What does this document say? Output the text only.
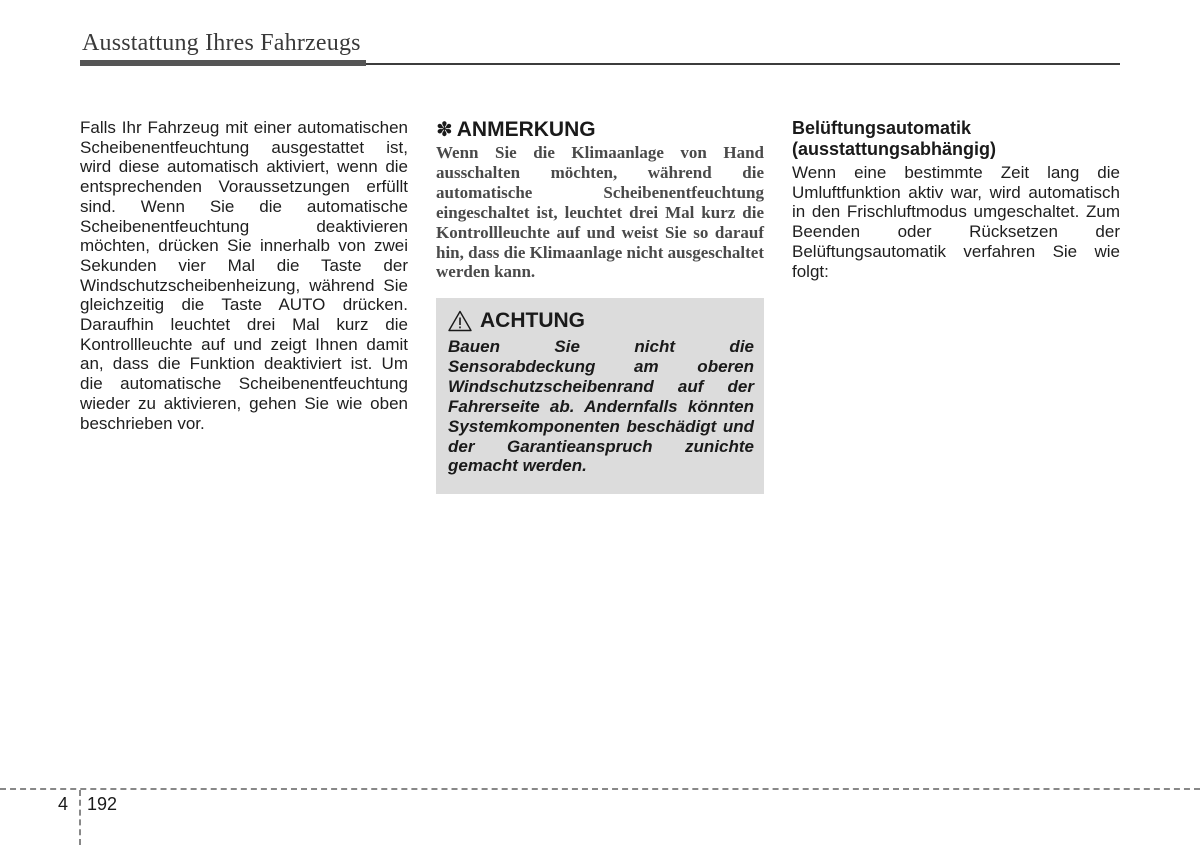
Ausstattung Ihres Fahrzeugs

Falls Ihr Fahrzeug mit einer automatischen Scheibenentfeuchtung ausgestattet ist, wird diese automatisch aktiviert, wenn die entsprechenden Voraussetzungen erfüllt sind. Wenn Sie die automatische Scheibenentfeuchtung deaktivieren möchten, drücken Sie innerhalb von zwei Sekunden vier Mal die Taste der Windschutzscheibenheizung, während Sie gleichzeitig die Taste AUTO drücken. Daraufhin leuchtet drei Mal kurz die Kontrollleuchte auf und zeigt Ihnen damit an, dass die Funktion deaktiviert ist. Um die automatische Scheibenentfeuchtung wieder zu aktivieren, gehen Sie wie oben beschrieben vor.

✽ ANMERKUNG

Wenn Sie die Klimaanlage von Hand ausschalten möchten, während die automatische Scheibenentfeuchtung eingeschaltet ist, leuchtet drei Mal kurz die Kontrollleuchte auf und weist Sie so darauf hin, dass die Klimaanlage nicht ausgeschaltet werden kann.

ACHTUNG

Bauen Sie nicht die Sensorabdeckung am oberen Windschutzscheibenrand auf der Fahrerseite ab. Andernfalls könnten Systemkomponenten beschädigt und der Garantieanspruch zunichte gemacht werden.

Belüftungsautomatik
(ausstattungsabhängig)

Wenn eine bestimmte Zeit lang die Umluftfunktion aktiv war, wird automatisch in den Frischluftmodus umgeschaltet. Zum Beenden oder Rücksetzen der Belüftungsautomatik verfahren Sie wie folgt:

4 192
